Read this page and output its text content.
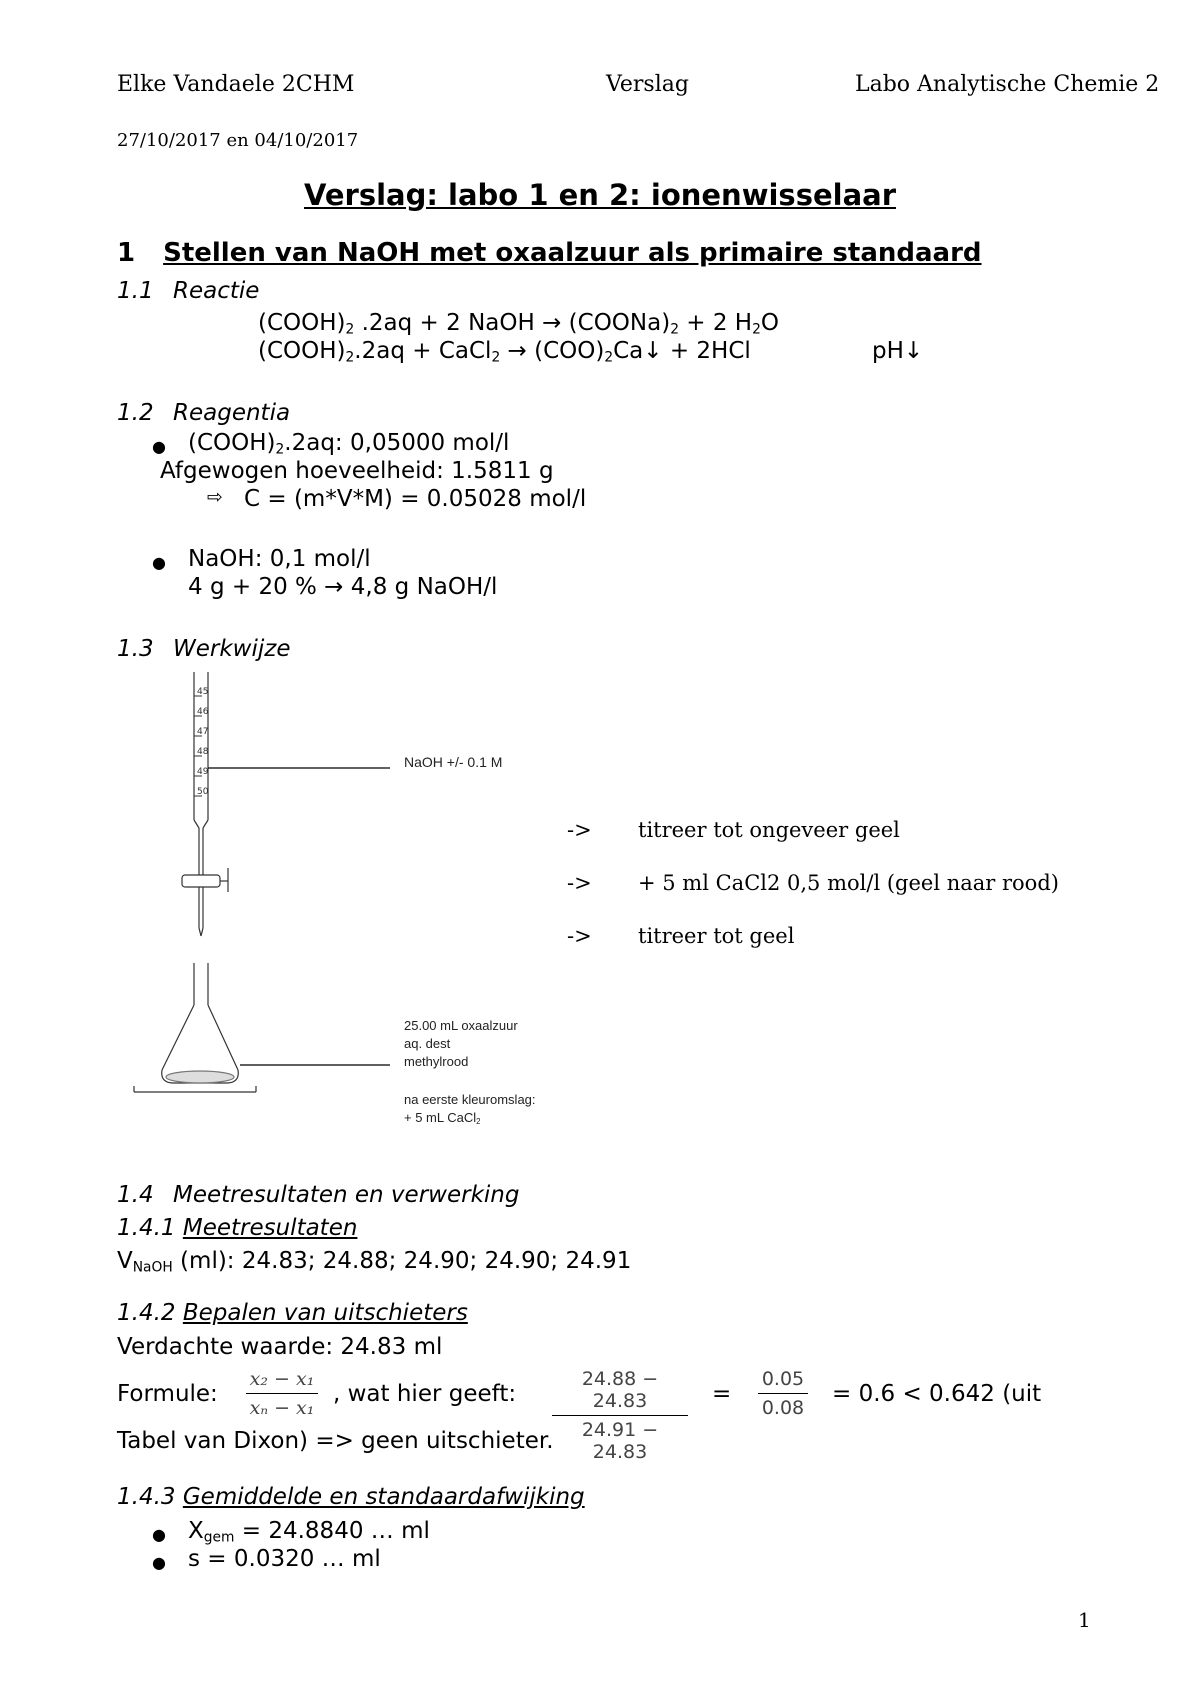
Elke Vandaele 2CHM	Verslag	Labo Analytische Chemie 2
27/10/2017 en 04/10/2017
Verslag: labo 1 en 2: ionenwisselaar
1 Stellen van NaOH met oxaalzuur als primaire standaard
1.1 Reactie
$(COOH)_2$ .2aq + 2 NaOH → $(COONa)_2 + 2$ $H_2O$
$(COOH)_2.2aq$ + CaCl$_2$ → $(COO)_2Ca↓ + 2HCl$	pH↓
1.2 Reagentia
● $(COOH)_2.2aq$: 0,05000 mol/l
Afgewogen hoeveelheid: 1.5811 g
⇨ C = (m*V*M) = 0.05028 mol/l
● NaOH: 0,1 mol/l
4 g + 20 % → 4,8 g NaOH/l
1.3 Werkwijze
45
46
47
48
49
50
NaOH +/- 0.1 M
25.00 mL oxaalzuur
aq. dest
methylrood
na eerste kleuromslag:
+ 5 mL CaCl$_2$
-> titreer tot ongeveer geel
-> + 5 ml CaCl2 0,5 mol/l (geel naar rood)
-> titreer tot geel
1.4 Meetresultaten en verwerking
1.4.1 Meetresultaten
$V_{NaOH}$ (ml): 24.83; 24.88; 24.90; 24.90; 24.91
1.4.2 Bepalen van uitschieters
Verdachte waarde: 24.83 ml
Formule:
x₂ − x₁
xₙ − x₁
, wat hier geeft:
24.88 − 24.83
24.91 − 24.83
=
0.05
0.08
= 0.6 < 0.642 (uit
Tabel van Dixon) => geen uitschieter.
1.4.3 Gemiddelde en standaardafwijking
● $X_{gem} = 24.8840$ … ml
● s = 0.0320 … ml
1
